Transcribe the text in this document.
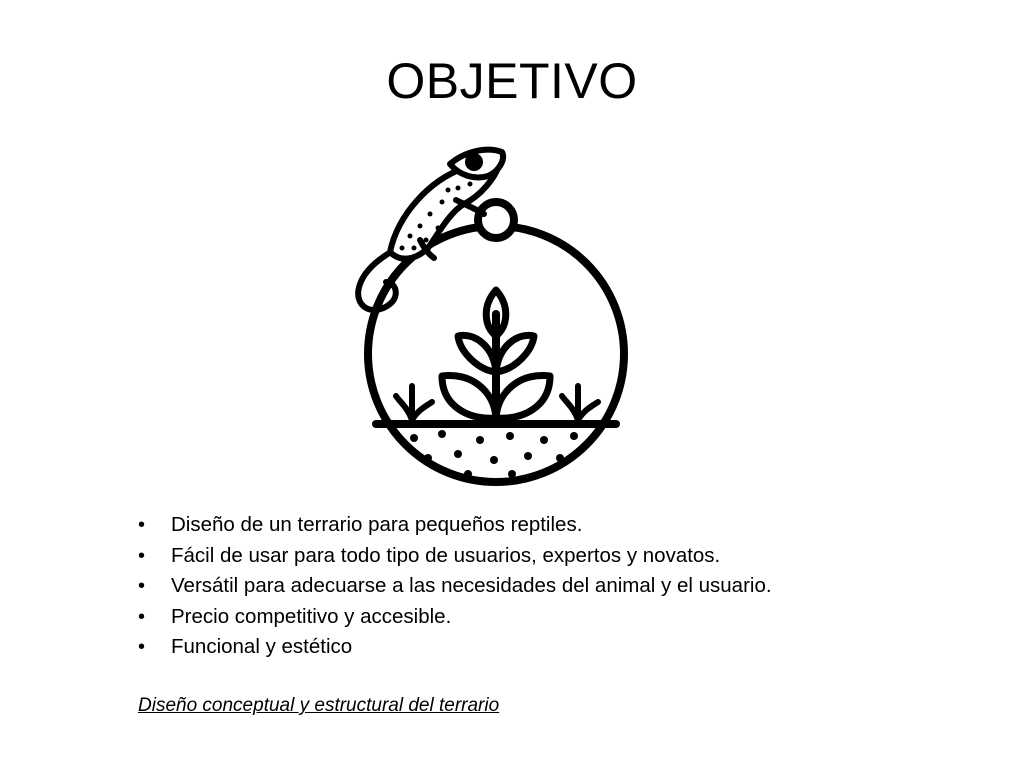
OBJETIVO
• Diseño de un terrario para pequeños reptiles.
• Fácil de usar para todo tipo de usuarios, expertos y novatos.
• Versátil para adecuarse a las necesidades del animal y el usuario.
• Precio competitivo y accesible.
• Funcional y estético
Diseño conceptual y estructural del terrario
